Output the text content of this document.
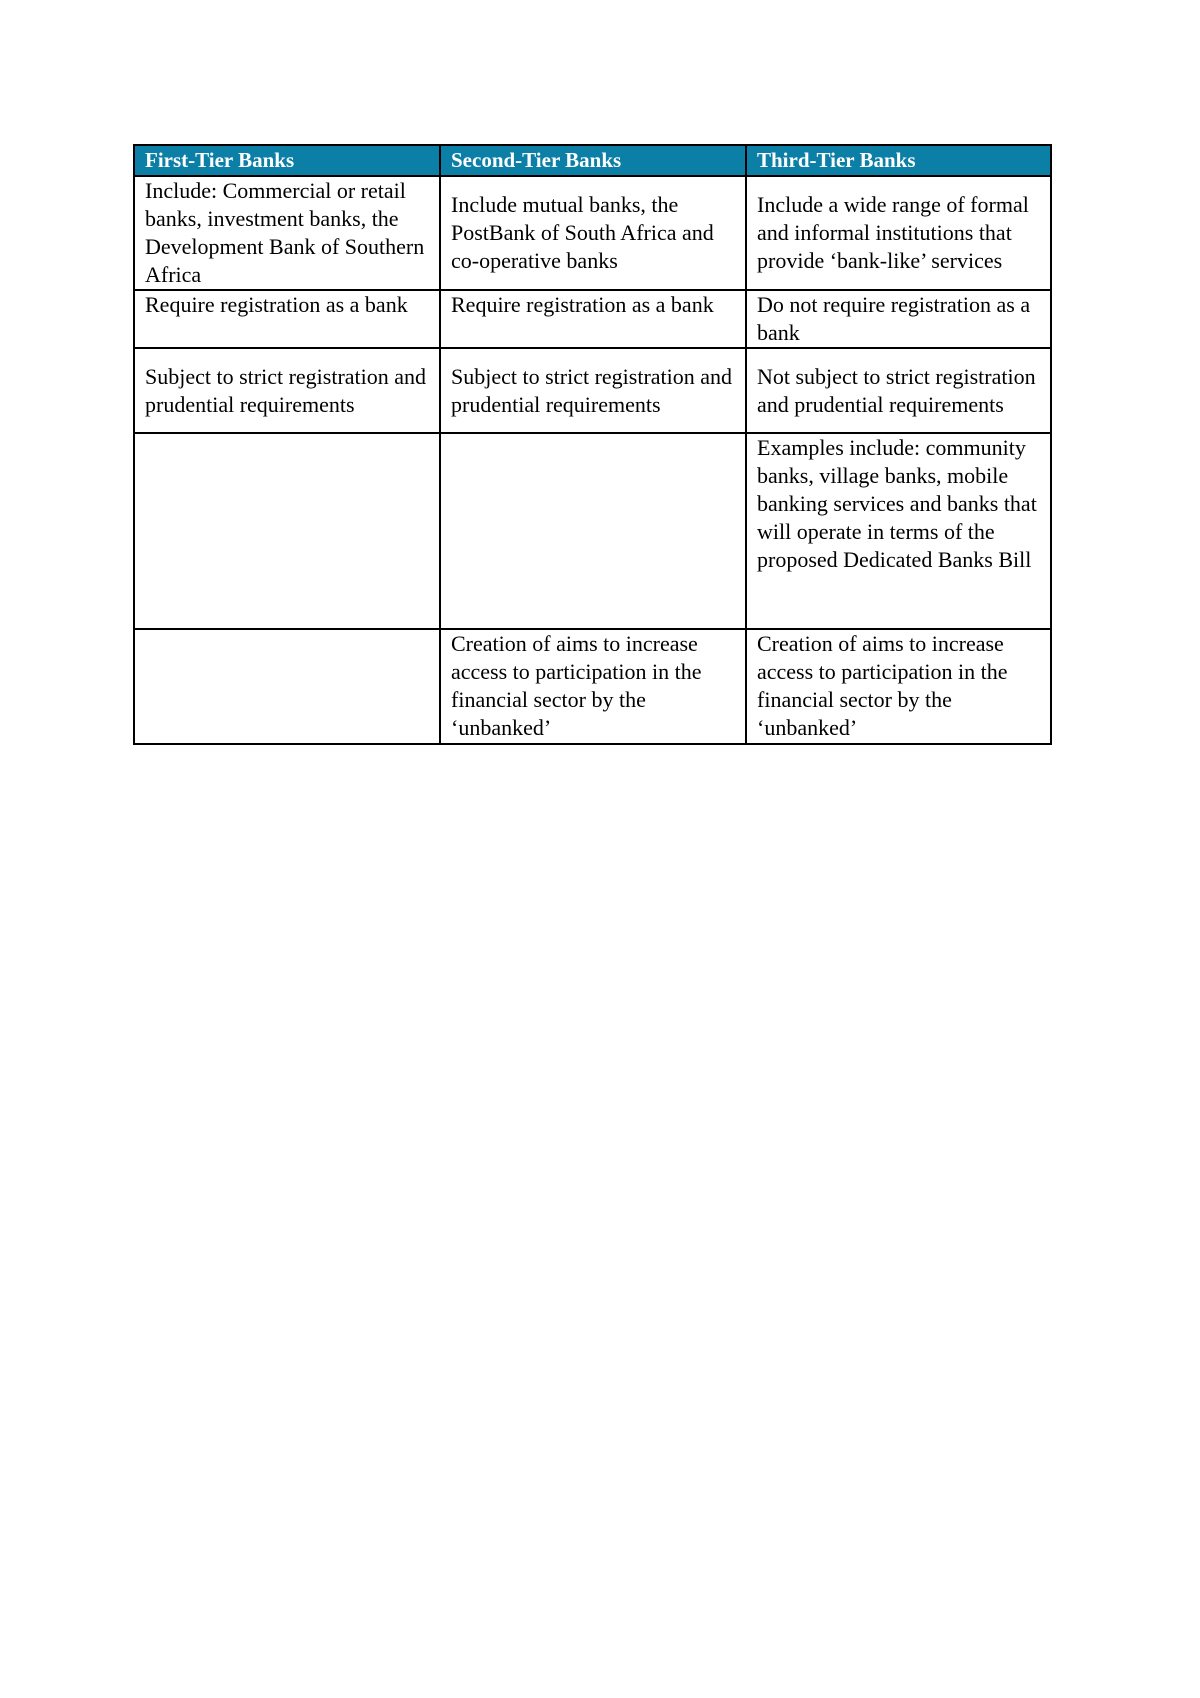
First-Tier Banks	Second-Tier Banks	Third-Tier Banks
Include: Commercial or retail banks, investment banks, the Development Bank of Southern Africa	Include mutual banks, the PostBank of South Africa and co-operative banks	Include a wide range of formal and informal institutions that provide ‘bank-like’ services
Require registration as a bank	Require registration as a bank	Do not require registration as a bank
Subject to strict registration and prudential requirements	Subject to strict registration and prudential requirements	Not subject to strict registration and prudential requirements
		Examples include: community banks, village banks, mobile banking services and banks that will operate in terms of the proposed Dedicated Banks Bill
	Creation of aims to increase access to participation in the financial sector by the ‘unbanked’	Creation of aims to increase access to participation in the financial sector by the ‘unbanked’
